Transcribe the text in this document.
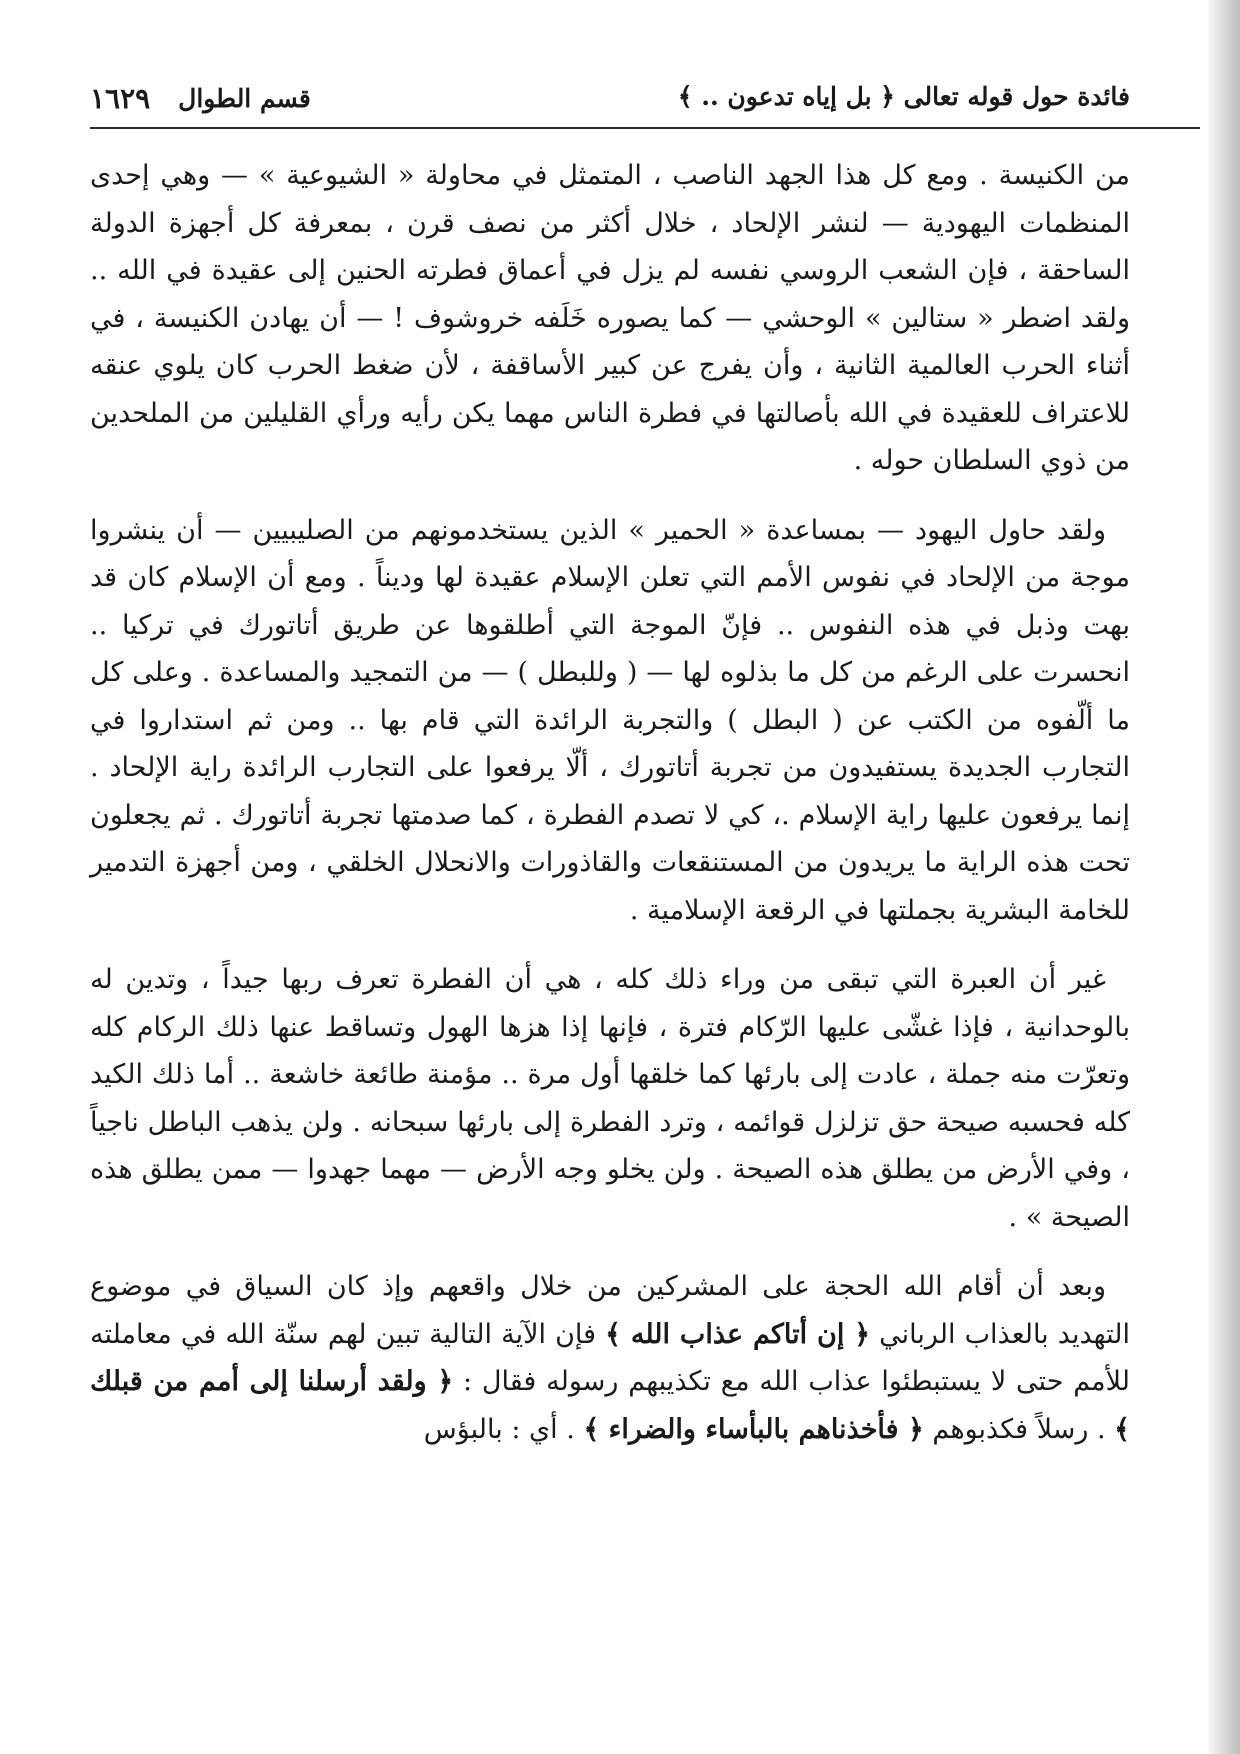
فائدة حول قوله تعالى ﴿ بل إياه تدعون .. ﴾
قسم الطوال
١٦٢٩

من الكنيسة . ومع كل هذا الجهد الناصب ، المتمثل في محاولة « الشيوعية » — وهي إحدى المنظمات اليهودية — لنشر الإلحاد ، خلال أكثر من نصف قرن ، بمعرفة كل أجهزة الدولة الساحقة ، فإن الشعب الروسي نفسه لم يزل في أعماق فطرته الحنين إلى عقيدة في الله .. ولقد اضطر « ستالين » الوحشي — كما يصوره خَلَفه خروشوف ! — أن يهادن الكنيسة ، في أثناء الحرب العالمية الثانية ، وأن يفرج عن كبير الأساقفة ، لأن ضغط الحرب كان يلوي عنقه للاعتراف للعقيدة في الله بأصالتها في فطرة الناس مهما يكن رأيه ورأي القليلين من الملحدين من ذوي السلطان حوله .

ولقد حاول اليهود — بمساعدة « الحمير » الذين يستخدمونهم من الصليبيين — أن ينشروا موجة من الإلحاد في نفوس الأمم التي تعلن الإسلام عقيدة لها وديناً . ومع أن الإسلام كان قد بهت وذبل في هذه النفوس .. فإنّ الموجة التي أطلقوها عن طريق أتاتورك في تركيا .. انحسرت على الرغم من كل ما بذلوه لها — ( وللبطل ) — من التمجيد والمساعدة . وعلى كل ما ألّفوه من الكتب عن ( البطل ) والتجربة الرائدة التي قام بها .. ومن ثم استداروا في التجارب الجديدة يستفيدون من تجربة أتاتورك ، ألّا يرفعوا على التجارب الرائدة راية الإلحاد . إنما يرفعون عليها راية الإسلام .، كي لا تصدم الفطرة ، كما صدمتها تجربة أتاتورك . ثم يجعلون تحت هذه الراية ما يريدون من المستنقعات والقاذورات والانحلال الخلقي ، ومن أجهزة التدمير للخامة البشرية بجملتها في الرقعة الإسلامية .

غير أن العبرة التي تبقى من وراء ذلك كله ، هي أن الفطرة تعرف ربها جيداً ، وتدين له بالوحدانية ، فإذا غشّى عليها الرّكام فترة ، فإنها إذا هزها الهول وتساقط عنها ذلك الركام كله وتعرّت منه جملة ، عادت إلى بارئها كما خلقها أول مرة .. مؤمنة طائعة خاشعة .. أما ذلك الكيد كله فحسبه صيحة حق تزلزل قوائمه ، وترد الفطرة إلى بارئها سبحانه . ولن يذهب الباطل ناجياً ، وفي الأرض من يطلق هذه الصيحة . ولن يخلو وجه الأرض — مهما جهدوا — ممن يطلق هذه الصيحة » .

وبعد أن أقام الله الحجة على المشركين من خلال واقعهم وإذ كان السياق في موضوع التهديد بالعذاب الرباني ﴿ إن أتاكم عذاب الله ﴾ فإن الآية التالية تبين لهم سنّة الله في معاملته للأمم حتى لا يستبطئوا عذاب الله مع تكذيبهم رسوله فقال : ﴿ ولقد أرسلنا إلى أمم من قبلك ﴾ . رسلاً فكذبوهم ﴿ فأخذناهم بالبأساء والضراء ﴾ . أي : بالبؤس
